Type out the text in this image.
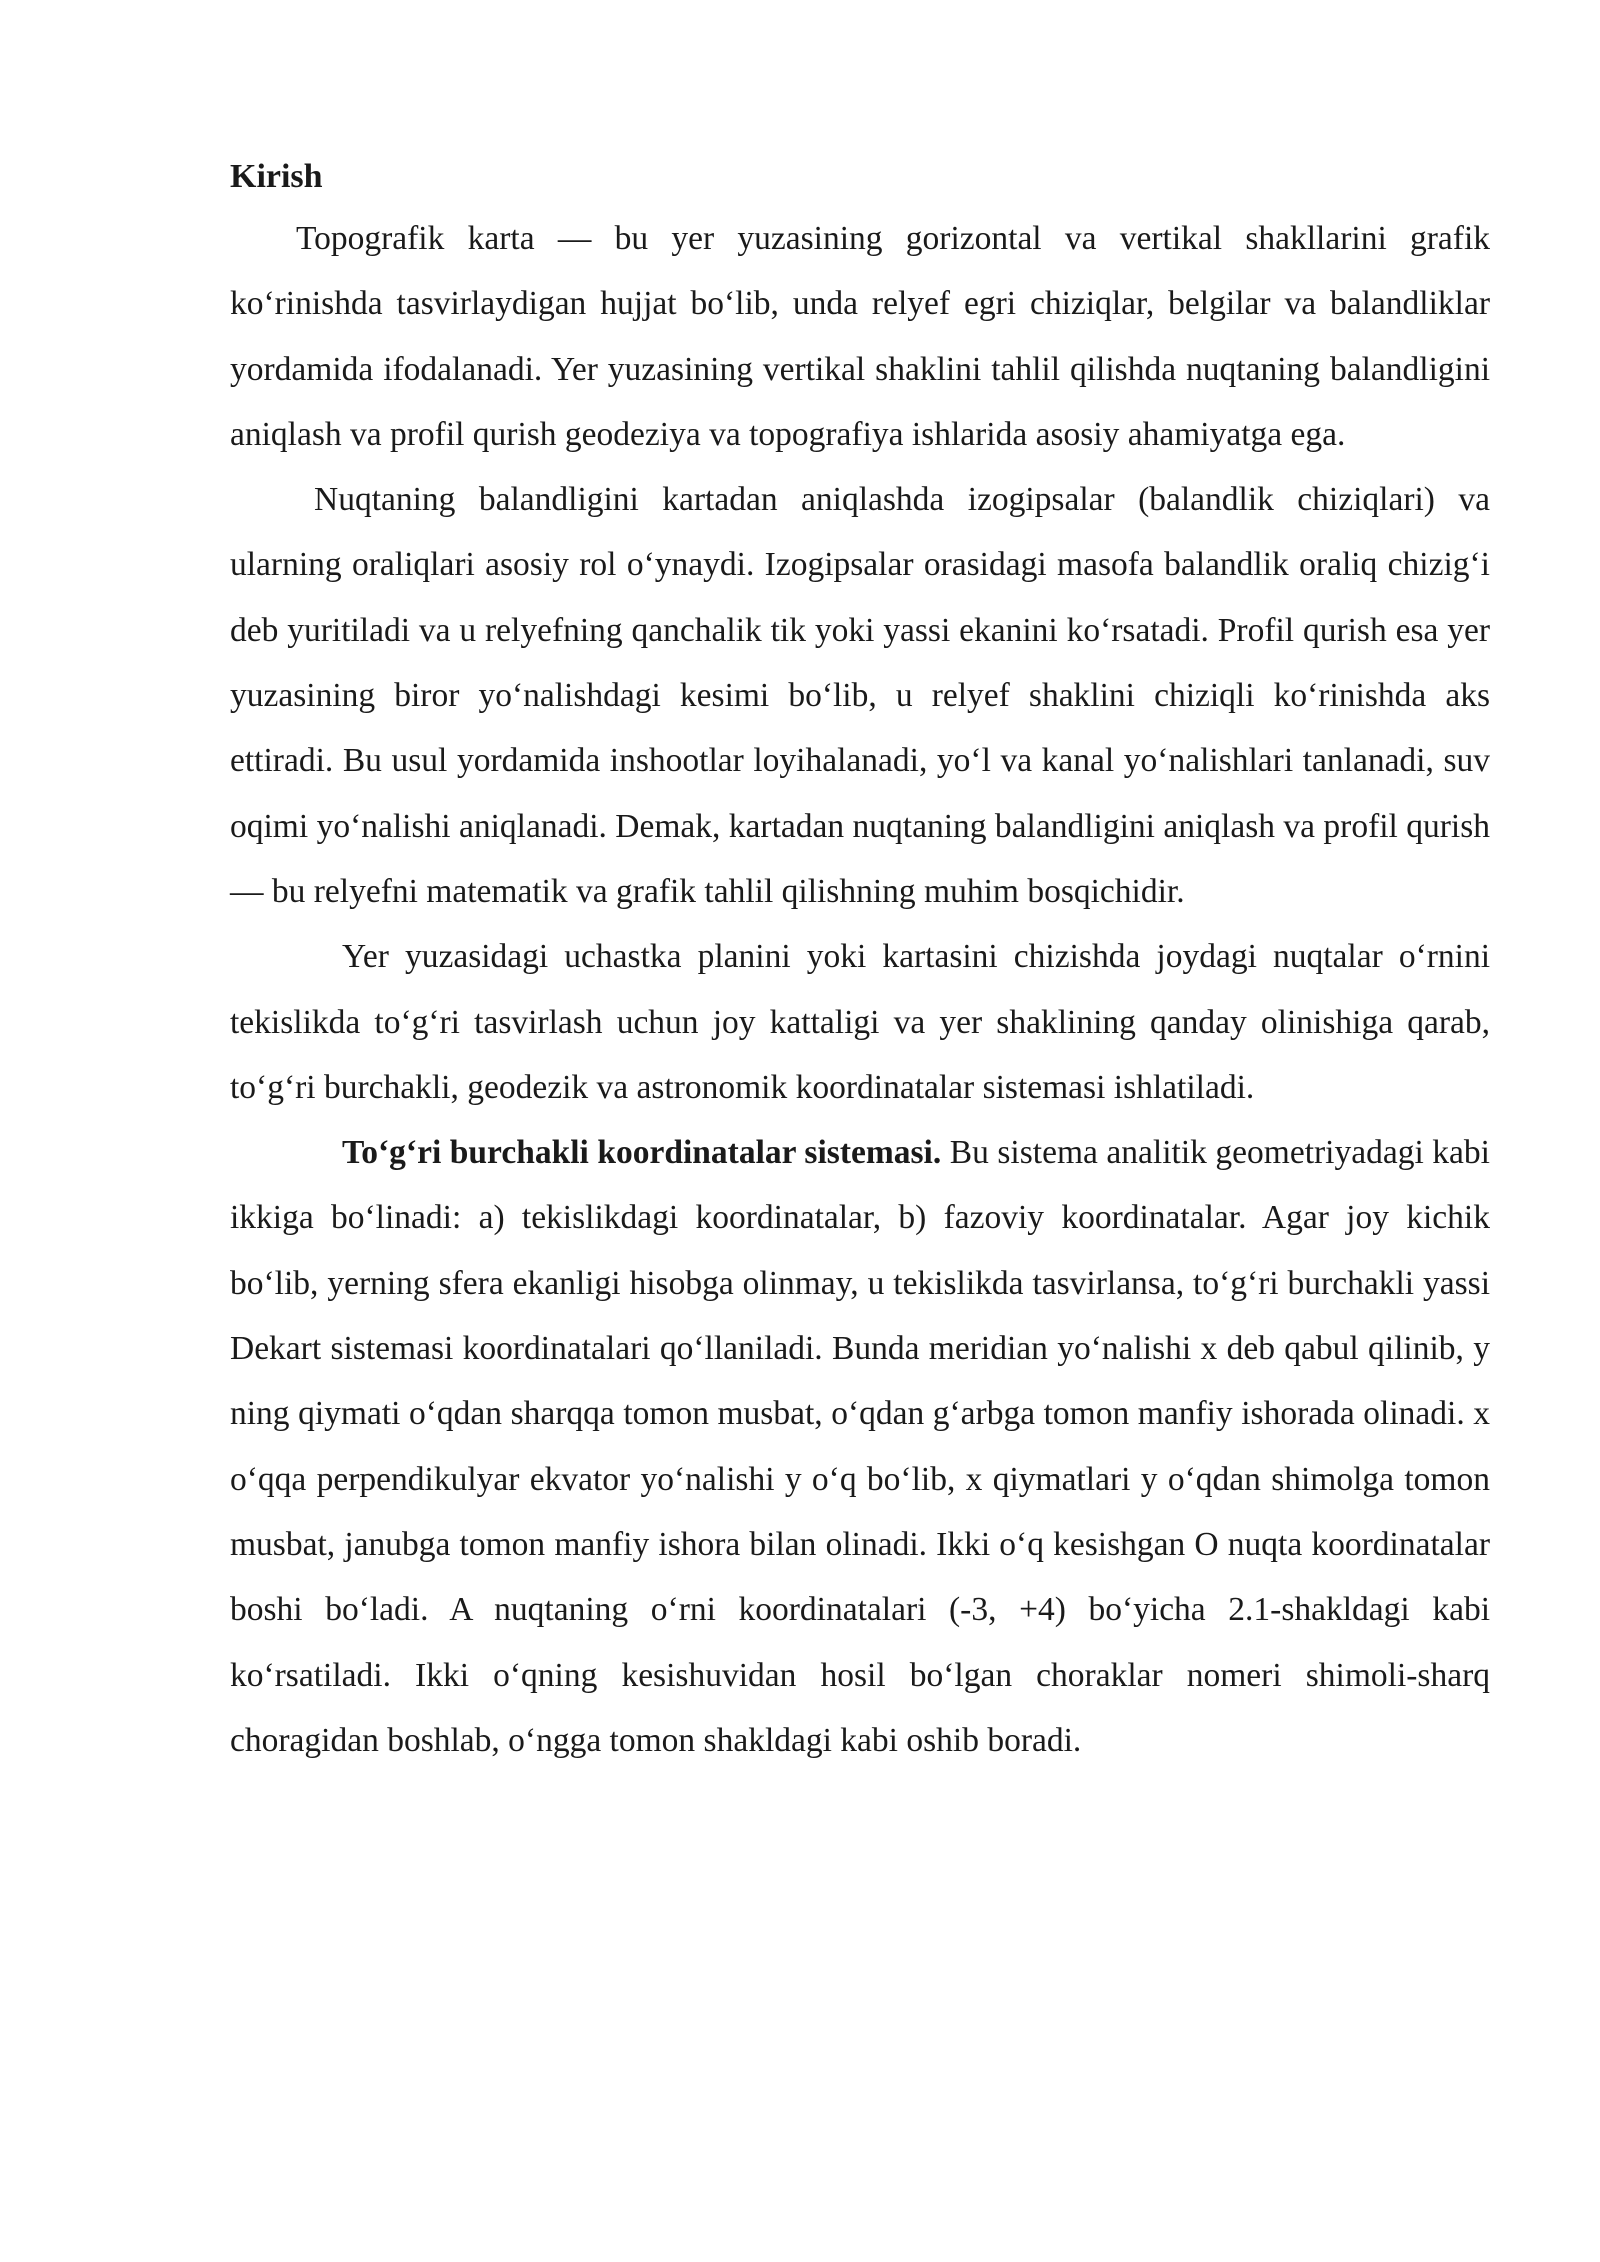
Kirish

Topografik karta — bu yer yuzasining gorizontal va vertikal shakllarini grafik ko‘rinishda tasvirlaydigan hujjat bo‘lib, unda relyef egri chiziqlar, belgilar va balandliklar yordamida ifodalanadi. Yer yuzasining vertikal shaklini tahlil qilishda nuqtaning balandligini aniqlash va profil qurish geodeziya va topografiya ishlarida asosiy ahamiyatga ega.

Nuqtaning balandligini kartadan aniqlashda izogipsalar (balandlik chiziqlari) va ularning oraliqlari asosiy rol o‘ynaydi. Izogipsalar orasidagi masofa balandlik oraliq chizig‘i deb yuritiladi va u relyefning qanchalik tik yoki yassi ekanini ko‘rsatadi. Profil qurish esa yer yuzasining biror yo‘nalishdagi kesimi bo‘lib, u relyef shaklini chiziqli ko‘rinishda aks ettiradi. Bu usul yordamida inshootlar loyihalanadi, yo‘l va kanal yo‘nalishlari tanlanadi, suv oqimi yo‘nalishi aniqlanadi. Demak, kartadan nuqtaning balandligini aniqlash va profil qurish — bu relyefni matematik va grafik tahlil qilishning muhim bosqichidir.

Yer yuzasidagi uchastka planini yoki kartasini chizishda joydagi nuqtalar o‘rnini tekislikda to‘g‘ri tasvirlash uchun joy kattaligi va yer shaklining qanday olinishiga qarab, to‘g‘ri burchakli, geodezik va astronomik koordinatalar sistemasi ishlatiladi.

To‘g‘ri burchakli koordinatalar sistemasi. Bu sistema analitik geometriyadagi kabi ikkiga bo‘linadi: a) tekislikdagi koordinatalar, b) fazoviy koordinatalar. Agar joy kichik bo‘lib, yerning sfera ekanligi hisobga olinmay, u tekislikda tasvirlansa, to‘g‘ri burchakli yassi Dekart sistemasi koordinatalari qo‘llaniladi. Bunda meridian yo‘nalishi x deb qabul qilinib, y ning qiymati o‘qdan sharqqa tomon musbat, o‘qdan g‘arbga tomon manfiy ishorada olinadi. x o‘qqa perpendikulyar ekvator yo‘nalishi y o‘q bo‘lib, x qiymatlari y o‘qdan shimolga tomon musbat, janubga tomon manfiy ishora bilan olinadi. Ikki o‘q kesishgan O nuqta koordinatalar boshi bo‘ladi. A nuqtaning o‘rni koordinatalari (-3, +4) bo‘yicha 2.1-shakldagi kabi ko‘rsatiladi. Ikki o‘qning kesishuvidan hosil bo‘lgan choraklar nomeri shimoli-sharq choragidan boshlab, o‘ngga tomon shakldagi kabi oshib boradi.
